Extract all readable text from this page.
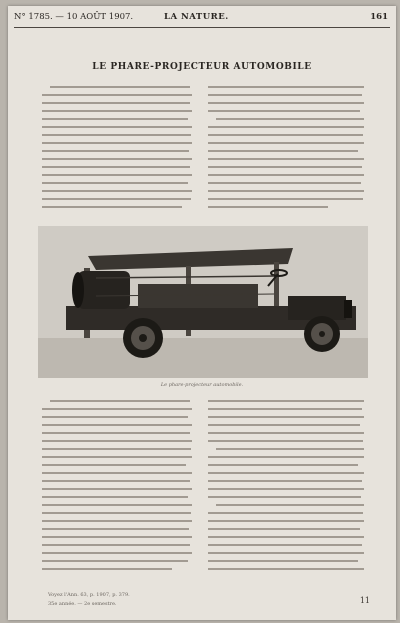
N° 1785. — 10 AOÛT 1907.	LA NATURE.	161
LE PHARE-PROJECTEUR AUTOMOBILE
Le phare-projecteur automobile.
Voyez l'Ann. 63, p. 1907, p. 379.
35e année. — 2e semestre.	11
